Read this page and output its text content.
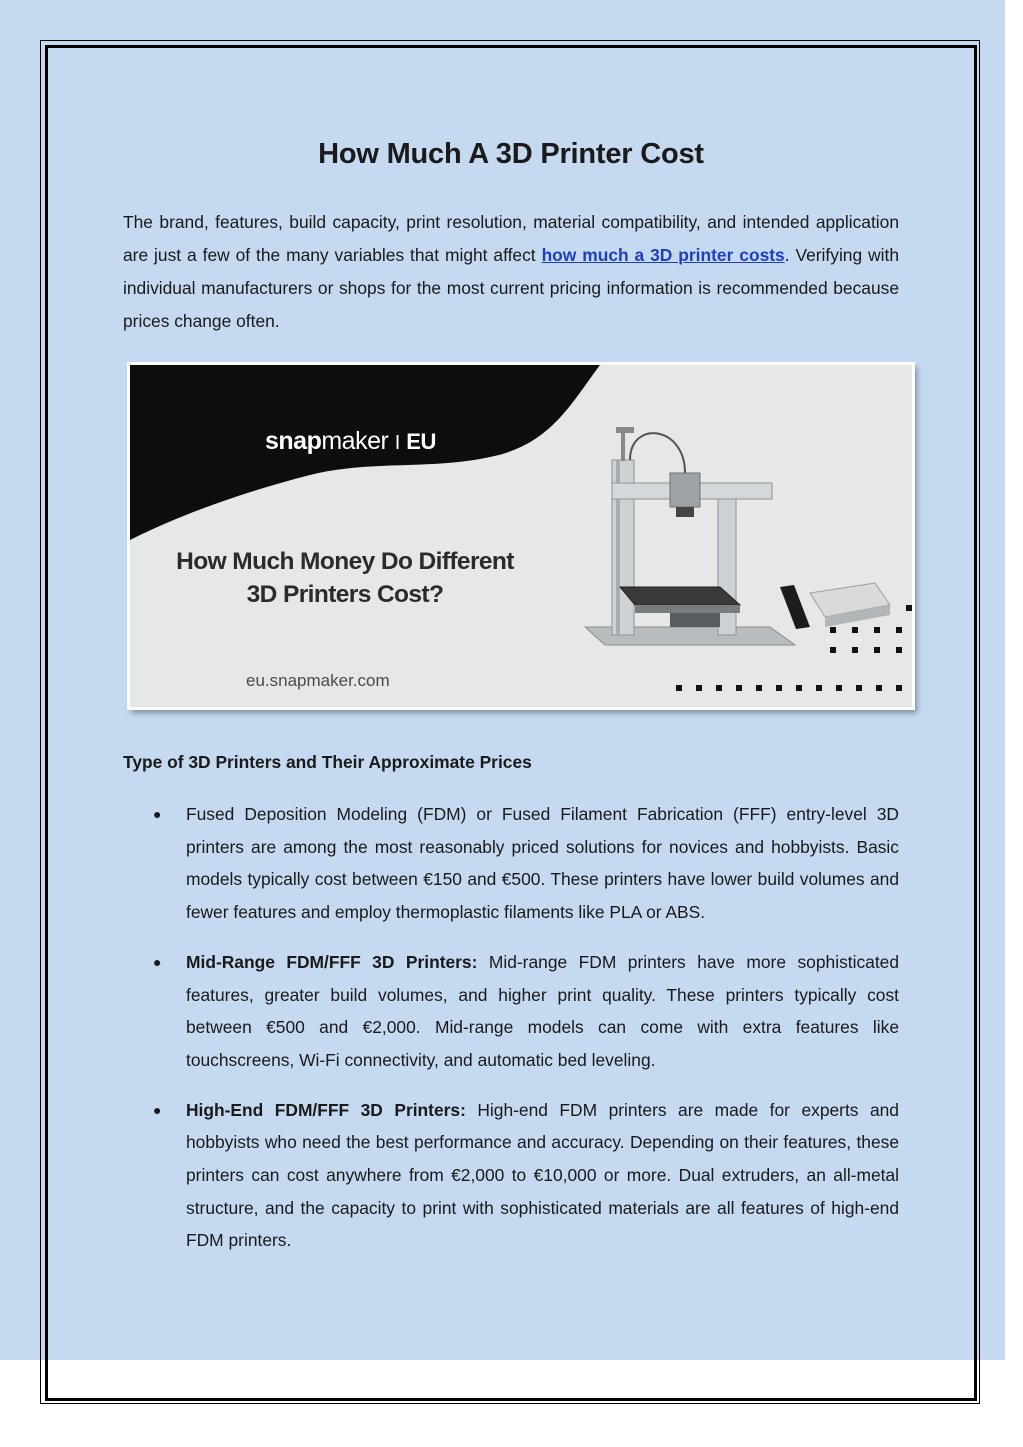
How Much A 3D Printer Cost

The brand, features, build capacity, print resolution, material compatibility, and intended application are just a few of the many variables that might affect how much a 3D printer costs. Verifying with individual manufacturers or shops for the most current pricing information is recommended because prices change often.

snapmaker I EU
How Much Money Do Different
3D Printers Cost?
eu.snapmaker.com
Type of 3D Printers and Their Approximate Prices
● Fused Deposition Modeling (FDM) or Fused Filament Fabrication (FFF) entry-level 3D printers are among the most reasonably priced solutions for novices and hobbyists. Basic models typically cost between €150 and €500. These printers have lower build volumes and fewer features and employ thermoplastic filaments like PLA or ABS.
● Mid-Range FDM/FFF 3D Printers: Mid-range FDM printers have more sophisticated features, greater build volumes, and higher print quality. These printers typically cost between €500 and €2,000. Mid-range models can come with extra features like touchscreens, Wi-Fi connectivity, and automatic bed leveling.
● High-End FDM/FFF 3D Printers: High-end FDM printers are made for experts and hobbyists who need the best performance and accuracy. Depending on their features, these printers can cost anywhere from €2,000 to €10,000 or more. Dual extruders, an all-metal structure, and the capacity to print with sophisticated materials are all features of high-end FDM printers.
